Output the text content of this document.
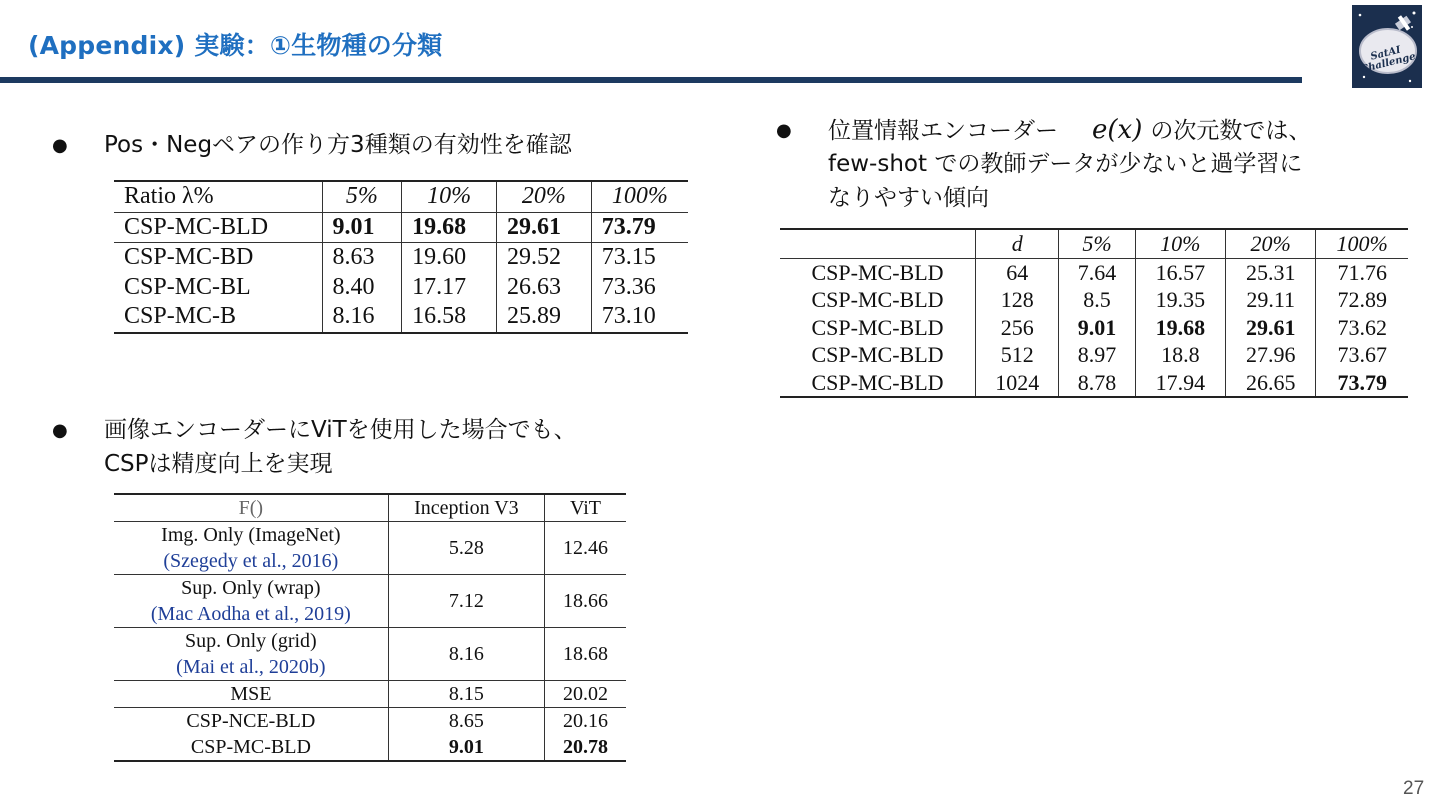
(Appendix) 実験：①生物種の分類	SatAI Challenge
● Pos・Negペアの作り方3種類の有効性を確認
Ratio λ%	5%	10%	20%	100%
CSP-MC-BLD	9.01	19.68	29.61	73.79
CSP-MC-BD	8.63	19.60	29.52	73.15
CSP-MC-BL	8.40	17.17	26.63	73.36
CSP-MC-B	8.16	16.58	25.89	73.10
● 画像エンコーダーにViTを使用した場合でも、
CSPは精度向上を実現
F()	Inception V3	ViT

Img. Only (ImageNet)
(Szegedy et al., 2016)	5.28	12.46

Sup. Only (wrap)
(Mac Aodha et al., 2019)	7.12	18.66

Sup. Only (grid)
(Mai et al., 2020b)	8.16	18.68
MSE	8.15	20.02
CSP-NCE-BLD	8.65	20.16
CSP-MC-BLD	9.01	20.78
● 位置情報エンコーダー e(x) の次元数では、
few-shot での教師データが少ないと過学習に
なりやすい傾向
	d	5%	10%	20%	100%
CSP-MC-BLD	64	7.64	16.57	25.31	71.76
CSP-MC-BLD	128	8.5	19.35	29.11	72.89
CSP-MC-BLD	256	9.01	19.68	29.61	73.62
CSP-MC-BLD	512	8.97	18.8	27.96	73.67
CSP-MC-BLD	1024	8.78	17.94	26.65	73.79
27
